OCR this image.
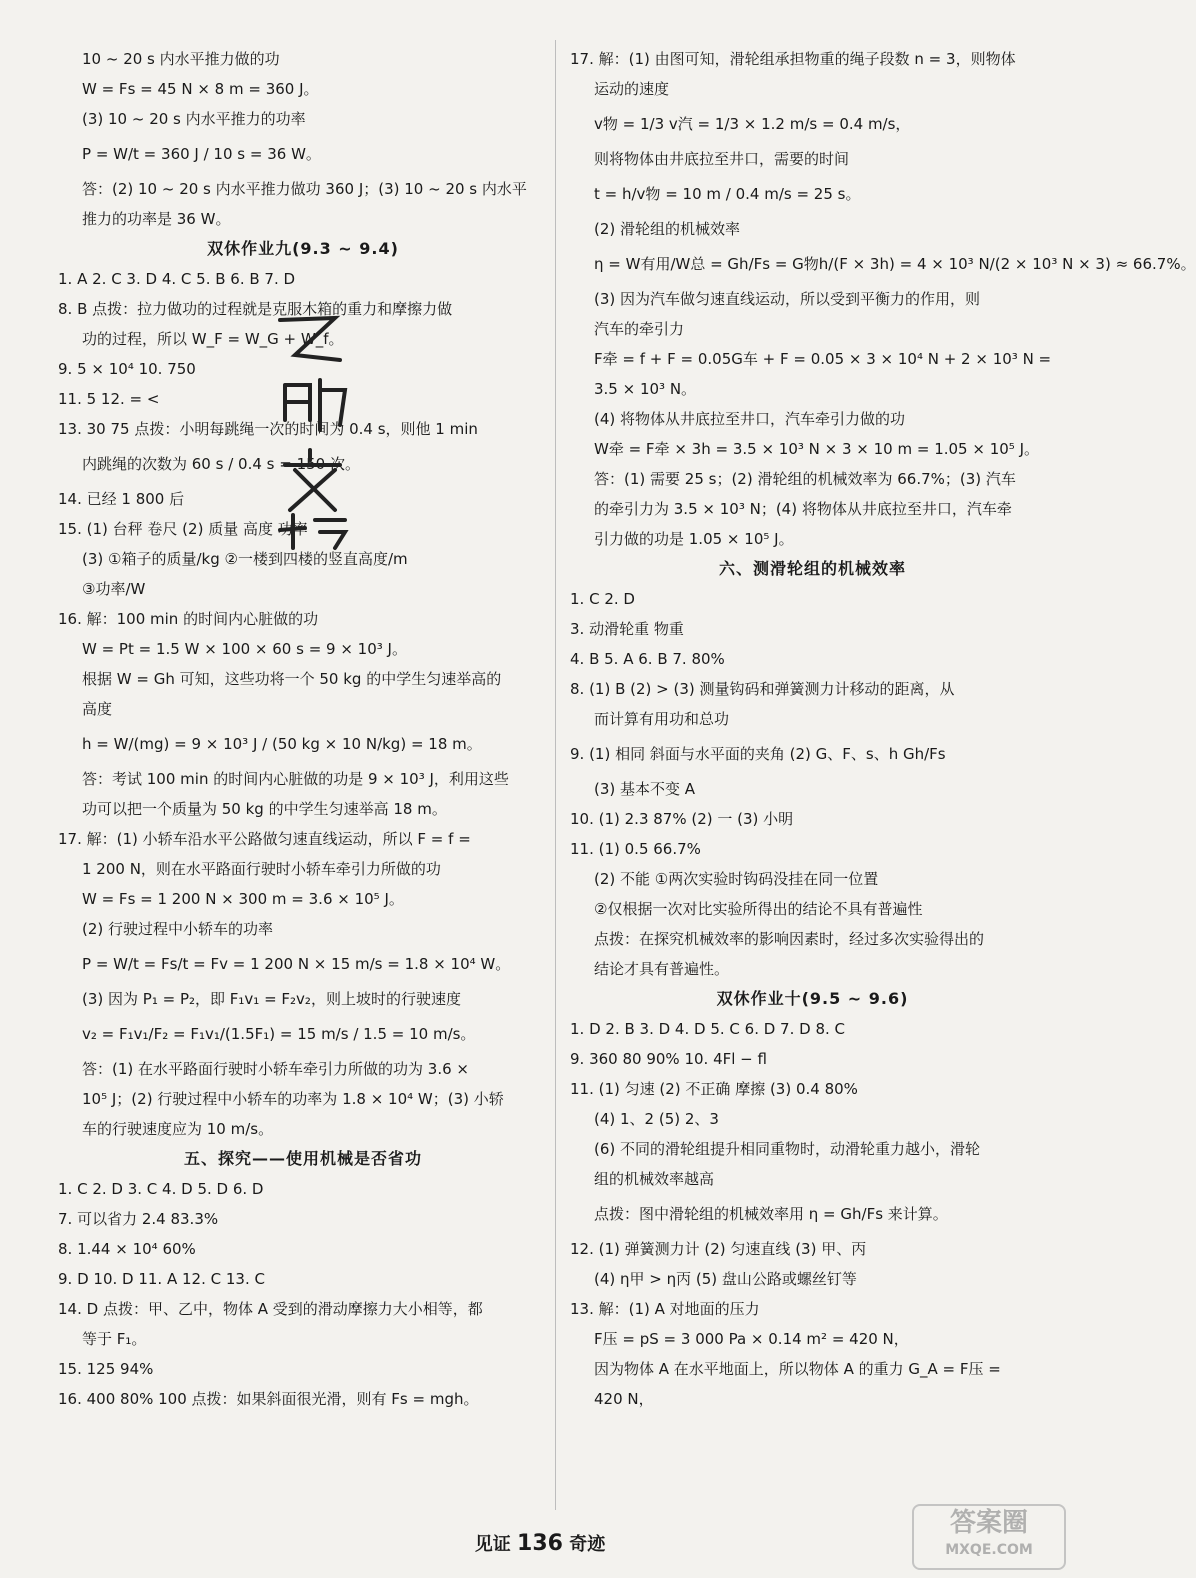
10 ~ 20 s 内水平推力做的功
W = Fs = 45 N × 8 m = 360 J。
(3) 10 ~ 20 s 内水平推力的功率
P = W/t = 360 J / 10 s = 36 W。
答：(2) 10 ~ 20 s 内水平推力做功 360 J；(3) 10 ~ 20 s 内水平
推力的功率是 36 W。
双休作业九(9.3 ~ 9.4)
1. A 2. C 3. D 4. C 5. B 6. B 7. D
8. B 点拨：拉力做功的过程就是克服木箱的重力和摩擦力做
功的过程，所以 W_F = W_G + W_f。
9. 5 × 10⁴ 10. 750
11. 5 12. = <
13. 30 75 点拨：小明每跳绳一次的时间为 0.4 s，则他 1 min
内跳绳的次数为 60 s / 0.4 s = 150 次。
14. 已经 1 800 后
15. (1) 台秤 卷尺 (2) 质量 高度 功率
(3) ①箱子的质量/kg ②一楼到四楼的竖直高度/m
③功率/W
16. 解：100 min 的时间内心脏做的功
W = Pt = 1.5 W × 100 × 60 s = 9 × 10³ J。
根据 W = Gh 可知，这些功将一个 50 kg 的中学生匀速举高的
高度
h = W/(mg) = 9 × 10³ J / (50 kg × 10 N/kg) = 18 m。
答：考试 100 min 的时间内心脏做的功是 9 × 10³ J，利用这些
功可以把一个质量为 50 kg 的中学生匀速举高 18 m。
17. 解：(1) 小轿车沿水平公路做匀速直线运动，所以 F = f =
1 200 N，则在水平路面行驶时小轿车牵引力所做的功
W = Fs = 1 200 N × 300 m = 3.6 × 10⁵ J。
(2) 行驶过程中小轿车的功率
P = W/t = Fs/t = Fv = 1 200 N × 15 m/s = 1.8 × 10⁴ W。
(3) 因为 P₁ = P₂，即 F₁v₁ = F₂v₂，则上坡时的行驶速度
v₂ = F₁v₁/F₂ = F₁v₁/(1.5F₁) = 15 m/s / 1.5 = 10 m/s。
答：(1) 在水平路面行驶时小轿车牵引力所做的功为 3.6 ×
10⁵ J；(2) 行驶过程中小轿车的功率为 1.8 × 10⁴ W；(3) 小轿
车的行驶速度应为 10 m/s。
五、探究——使用机械是否省功
1. C 2. D 3. C 4. D 5. D 6. D
7. 可以省力 2.4 83.3%
8. 1.44 × 10⁴ 60%
9. D 10. D 11. A 12. C 13. C
14. D 点拨：甲、乙中，物体 A 受到的滑动摩擦力大小相等，都
等于 F₁。
15. 125 94%
16. 400 80% 100 点拨：如果斜面很光滑，则有 Fs = mgh。
17. 解：(1) 由图可知，滑轮组承担物重的绳子段数 n = 3，则物体
运动的速度
v物 = 1/3 v汽 = 1/3 × 1.2 m/s = 0.4 m/s，
则将物体由井底拉至井口，需要的时间
t = h/v物 = 10 m / 0.4 m/s = 25 s。
(2) 滑轮组的机械效率
η = W有用/W总 = Gh/Fs = G物h/(F × 3h) = 4 × 10³ N/(2 × 10³ N × 3) ≈ 66.7%。
(3) 因为汽车做匀速直线运动，所以受到平衡力的作用，则
汽车的牵引力
F牵 = f + F = 0.05G车 + F = 0.05 × 3 × 10⁴ N + 2 × 10³ N =
3.5 × 10³ N。
(4) 将物体从井底拉至井口，汽车牵引力做的功
W牵 = F牵 × 3h = 3.5 × 10³ N × 3 × 10 m = 1.05 × 10⁵ J。
答：(1) 需要 25 s；(2) 滑轮组的机械效率为 66.7%；(3) 汽车
的牵引力为 3.5 × 10³ N；(4) 将物体从井底拉至井口，汽车牵
引力做的功是 1.05 × 10⁵ J。
六、测滑轮组的机械效率
1. C 2. D
3. 动滑轮重 物重
4. B 5. A 6. B 7. 80%
8. (1) B (2) > (3) 测量钩码和弹簧测力计移动的距离，从
而计算有用功和总功
9. (1) 相同 斜面与水平面的夹角 (2) G、F、s、h Gh/Fs
(3) 基本不变 A
10. (1) 2.3 87% (2) 一 (3) 小明
11. (1) 0.5 66.7%
(2) 不能 ①两次实验时钩码没挂在同一位置
②仅根据一次对比实验所得出的结论不具有普遍性
点拨：在探究机械效率的影响因素时，经过多次实验得出的
结论才具有普遍性。
双休作业十(9.5 ~ 9.6)
1. D 2. B 3. D 4. D 5. C 6. D 7. D 8. C
9. 360 80 90% 10. 4Fl − fl
11. (1) 匀速 (2) 不正确 摩擦 (3) 0.4 80%
(4) 1、2 (5) 2、3
(6) 不同的滑轮组提升相同重物时，动滑轮重力越小，滑轮
组的机械效率越高
点拨：图中滑轮组的机械效率用 η = Gh/Fs 来计算。
12. (1) 弹簧测力计 (2) 匀速直线 (3) 甲、丙
(4) η甲 > η丙 (5) 盘山公路或螺丝钉等
13. 解：(1) A 对地面的压力
F压 = pS = 3 000 Pa × 0.14 m² = 420 N，
因为物体 A 在水平地面上，所以物体 A 的重力 G_A = F压 =
420 N，
见证 136 奇迹
答案圈
MXQE.COM
